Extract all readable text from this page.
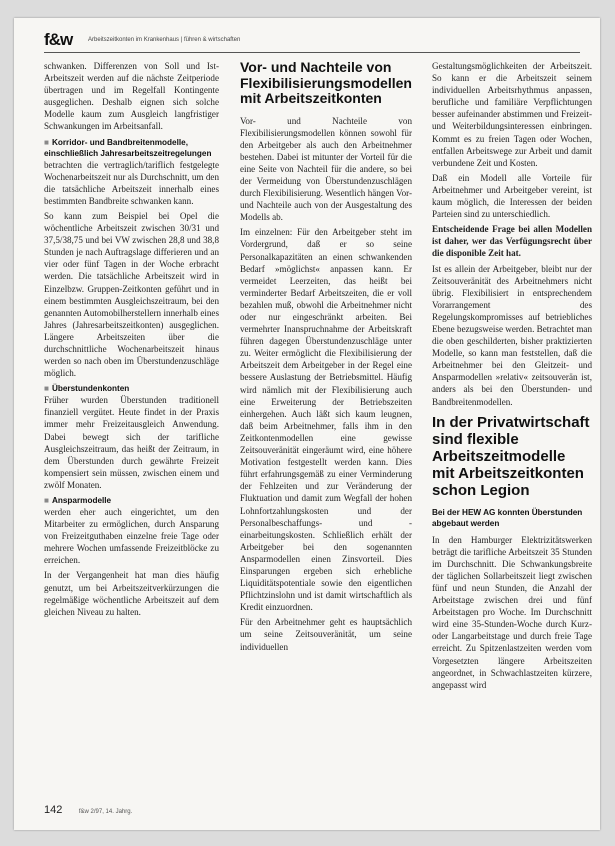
f&w	Arbeitszeitkonten im Krankenhaus | führen & wirtschaften

schwanken. Differenzen von Soll und Ist-Arbeitszeit werden auf die nächste Zeitperiode übertragen und im Regelfall Kontingente ausgeglichen. Deshalb eignen sich solche Modelle kaum zum Ausgleich langfristiger Schwankungen im Arbeitsanfall.

■ Korridor- und Bandbreitenmodelle, einschließlich Jahresarbeitszeitregelungen

betrachten die vertraglich/tariflich festgelegte Wochenarbeitszeit nur als Durchschnitt, um den die tatsächliche Arbeitszeit innerhalb eines bestimmten Bandbreite schwanken kann.

So kann zum Beispiel bei Opel die wöchentliche Arbeitszeit zwischen 30/31 und 37,5/38,75 und bei VW zwischen 28,8 und 38,8 Stunden je nach Auftragslage differieren und an vier oder fünf Tagen in der Woche erbracht werden. Die tatsächliche Arbeitszeit wird in Einzelbzw. Gruppen-Zeitkonten geführt und in einem bestimmten Ausgleichszeitraum, bei den genannten Automobilherstellern innerhalb eines Jahres (Jahresarbeitszeitkonten) ausgeglichen. Längere Arbeitszeiten über die durchschnittliche Wochenarbeitszeit hinaus werden so nach oben im Überstundenzuschläge möglich.

■ Überstundenkonten

Früher wurden Überstunden traditionell finanziell vergütet. Heute findet in der Praxis immer mehr Freizeitausgleich Anwendung. Dabei bewegt sich der tarifliche Ausgleichszeitraum, das heißt der Zeitraum, in dem Überstunden durch gewährte Freizeit kompensiert sein müssen, zwischen einem und zwölf Monaten.

■ Ansparmodelle

werden eher auch eingerichtet, um den Mitarbeiter zu ermöglichen, durch Ansparung von Freizeitguthaben einzelne freie Tage oder mehrere Wochen umfassende Freizeitblöcke zu erreichen.

In der Vergangenheit hat man dies häufig genutzt, um bei Arbeitszeitverkürzungen die regelmäßige wöchentliche Arbeitszeit auf dem gleichen Niveau zu halten.

Vor- und Nachteile von Flexibilisierungsmodellen mit Arbeitszeitkonten

Vor- und Nachteile von Flexibilisierungsmodellen können sowohl für den Arbeitgeber als auch den Arbeitnehmer bestehen. Dabei ist mitunter der Vorteil für die eine Seite von Nachteil für die andere, so bei der Vermeidung von Überstundenzuschlägen durch Flexibilisierung. Wesentlich hängen Vor- und Nachteile auch von der Ausgestaltung des Modells ab.

Im einzelnen: Für den Arbeitgeber steht im Vordergrund, daß er so seine Personalkapazitäten an einen schwankenden Bedarf »möglichst« anpassen kann. Er vermeidet Leerzeiten, das heißt bei verminderter Bedarf Arbeitszeiten, die er voll bezahlen muß, obwohl die Arbeitnehmer nicht oder nur eingeschränkt arbeiten. Bei vermehrter Inanspruchnahme der Arbeitskraft führen dagegen Überstundenzuschläge unter zu. Weiter ermöglicht die Flexibilisierung der Arbeitszeit dem Arbeitgeber in der Regel eine bessere Auslastung der Betriebsmittel. Häufig wird nämlich mit der Flexibilisierung auch eine Erweiterung der Betriebszeiten einhergehen. Auch läßt sich kaum leugnen, daß beim Arbeitnehmer, falls ihm in den Zeitkontenmodellen eine gewisse Zeitsouveränität eingeräumt wird, eine höhere Motivation festgestellt werden kann. Dies führt erfahrungsgemäß zu einer Verminderung der Fehlzeiten und zur Veränderung der Fluktuation und damit zum Wegfall der hohen Lohnfortzahlungskosten und der Personalbeschaffungs- und -einarbeitungskosten. Schließlich erhält der Arbeitgeber bei den sogenannten Ansparmodellen einen Zinsvorteil. Dies Einsparungen ergeben sich erhebliche Liquiditätspotentiale sowie den eigentlichen Pflichtzinslohn und ist damit wirtschaftlich als Kredit einzuordnen.

Für den Arbeitnehmer geht es hauptsächlich um seine Zeitsouveränität, um seine individuellen

Gestaltungsmöglichkeiten der Arbeitszeit. So kann er die Arbeitszeit seinem individuellen Arbeitsrhythmus anpassen, berufliche und familiäre Verpflichtungen besser aufeinander abstimmen und Freizeit- und Weiterbildungsinteressen einbringen. Kommt es zu freien Tagen oder Wochen, entfallen Arbeitswege zur Arbeit und damit verbundene Zeit und Kosten.

Daß ein Modell alle Vorteile für Arbeitnehmer und Arbeitgeber vereint, ist kaum möglich, die Interessen der beiden Parteien sind zu unterschiedlich.

Entscheidende Frage bei allen Modellen ist daher, wer das Verfügungsrecht über die disponible Zeit hat.

Ist es allein der Arbeitgeber, bleibt nur der Zeitsouveränität des Arbeitnehmers nicht übrig. Flexibilisiert in entsprechendem Vorarrangement des Regelungskompromisses auf betriebliches Ebene bezugsweise werden. Betrachtet man die oben geschilderten, bisher praktizierten Modelle, so kann man feststellen, daß die Arbeitnehmer bei den Gleitzeit- und Ansparmodellen »relativ« zeitsouverän ist, anders als bei den Überstunden- und Bandbreitenmodellen.

In der Privatwirtschaft sind flexible Arbeitszeitmodelle mit Arbeitszeitkonten schon Legion
Bei der HEW AG konnten Überstunden abgebaut werden

In den Hamburger Elektrizitätswerken beträgt die tarifliche Arbeitszeit 35 Stunden im Durchschnitt. Die Schwankungsbreite der täglichen Sollarbeitszeit liegt zwischen fünf und neun Stunden, die Anzahl der Arbeitstage zwischen drei und fünf Arbeitstagen pro Woche. Im Durchschnitt wird eine 35-Stunden-Woche durch Kurz- oder Langarbeitstage und durch freie Tage erreicht. Zu Spitzenlastzeiten werden vom Vorgesetzten längere Arbeitszeiten angeordnet, in Schwachlastzeiten kürzere, angepasst wird

142	f&w 2/97, 14. Jahrg.
